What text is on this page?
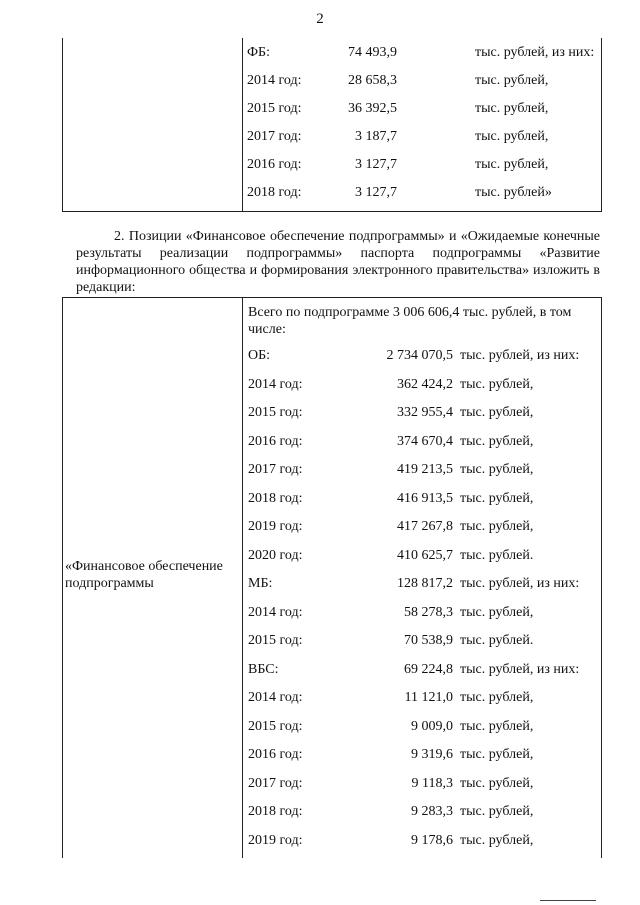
2
ФБ:	74 493,9	тыс. рублей, из них:
2014 год:	28 658,3	тыс. рублей,
2015 год:	36 392,5	тыс. рублей,
2017 год:	3 187,7	тыс. рублей,
2016 год:	3 127,7	тыс. рублей,
2018 год:	3 127,7	тыс. рублей»
2. Позиции «Финансовое обеспечение подпрограммы» и «Ожидаемые конечные результаты реализации подпрограммы» паспорта подпрограммы «Развитие информационного общества и формирования электронного правительства» изложить в редакции:
«Финансовое обеспечение подпрограммы
Всего по подпрограмме 3 006 606,4 тыс. рублей, в том числе:
ОБ:	2 734 070,5 тыс. рублей, из них:
2014 год:	362 424,2 тыс. рублей,
2015 год:	332 955,4 тыс. рублей,
2016 год:	374 670,4 тыс. рублей,
2017 год:	419 213,5 тыс. рублей,
2018 год:	416 913,5 тыс. рублей,
2019 год:	417 267,8 тыс. рублей,
2020 год:	410 625,7 тыс. рублей.
МБ:	128 817,2 тыс. рублей, из них:
2014 год:	58 278,3 тыс. рублей,
2015 год:	70 538,9 тыс. рублей.
ВБС:	69 224,8 тыс. рублей, из них:
2014 год:	11 121,0 тыс. рублей,
2015 год:	9 009,0 тыс. рублей,
2016 год:	9 319,6 тыс. рублей,
2017 год:	9 118,3 тыс. рублей,
2018 год:	9 283,3 тыс. рублей,
2019 год:	9 178,6 тыс. рублей,
